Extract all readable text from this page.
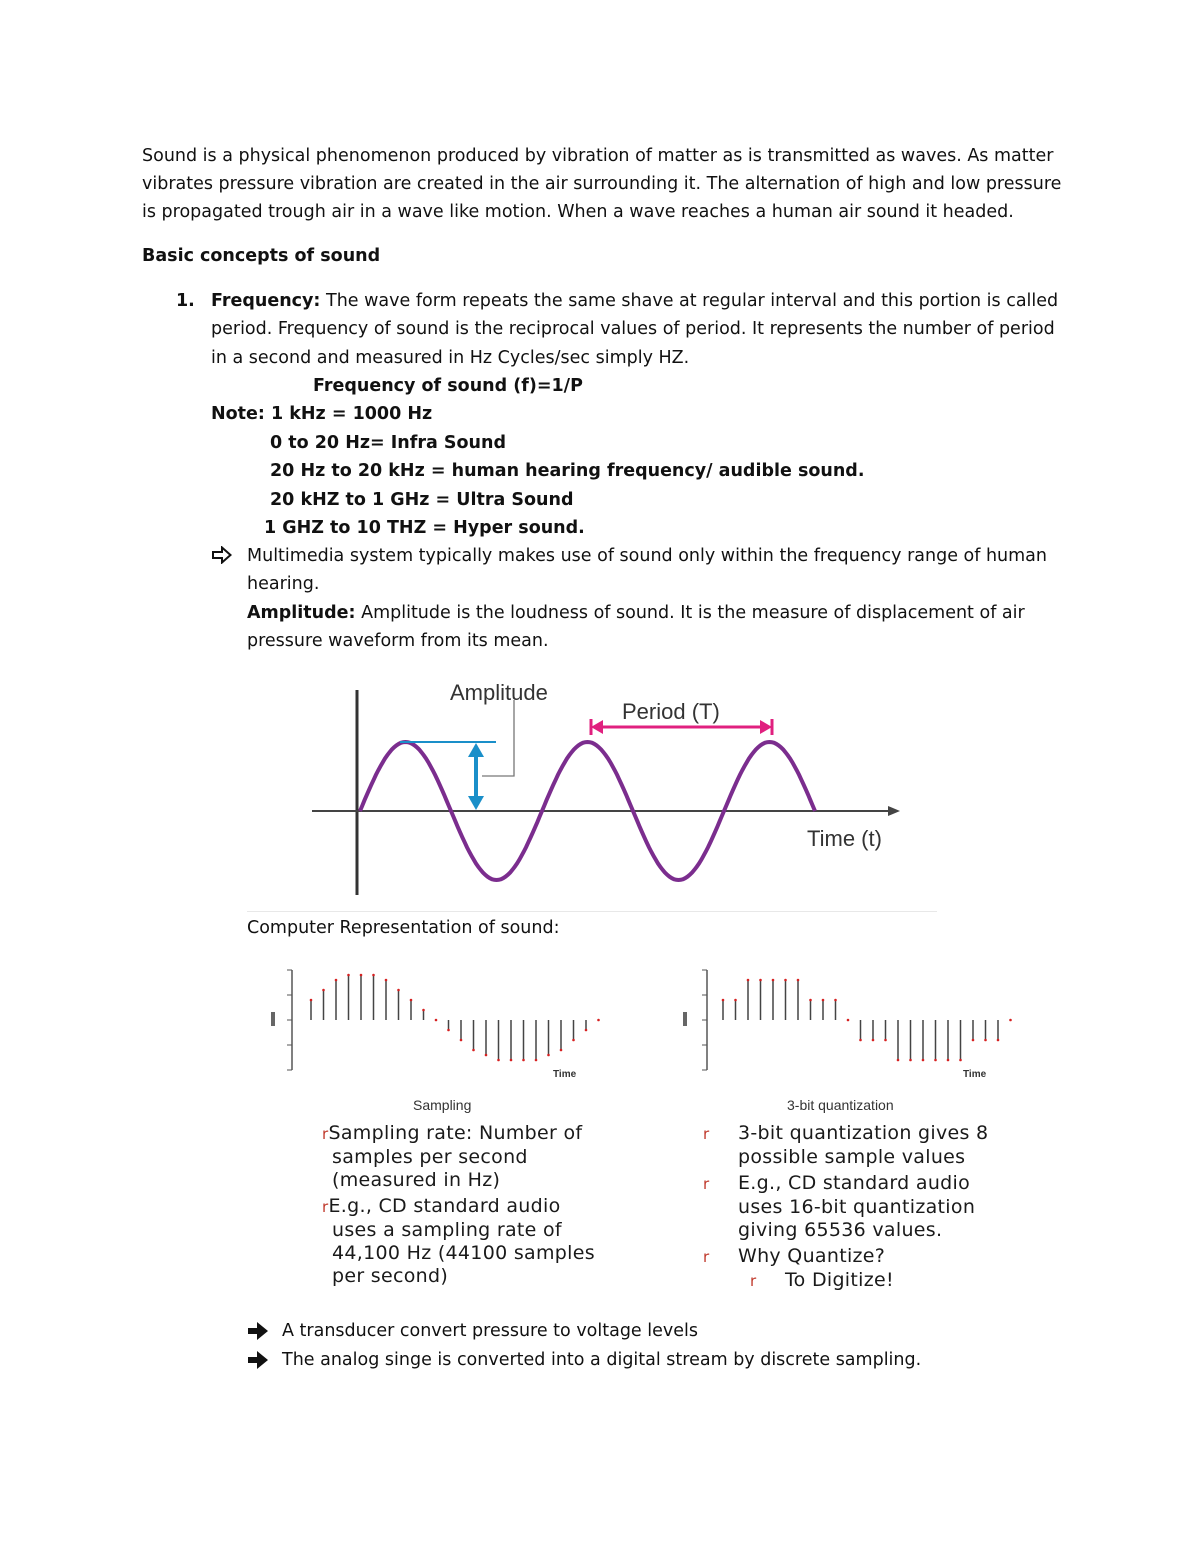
Sound is a physical phenomenon produced by vibration of matter as is transmitted as waves. As matter
vibrates pressure vibration are created in the air surrounding it. The alternation of high and low pressure
is propagated trough air in a wave like motion. When a wave reaches a human air sound it headed.
Basic concepts of sound
1. Frequency: The wave form repeats the same shave at regular interval and this portion is called
period. Frequency of sound is the reciprocal values of period. It represents the number of period
in a second and measured in Hz Cycles/sec simply HZ.
Frequency of sound (f)=1/P
Note: 1 kHz = 1000 Hz
0 to 20 Hz= Infra Sound
20 Hz to 20 kHz = human hearing frequency/ audible sound.
20 kHZ to 1 GHz = Ultra Sound
1 GHZ to 10 THZ = Hyper sound.
Multimedia system typically makes use of sound only within the frequency range of human
hearing.
Amplitude: Amplitude is the loudness of sound. It is the measure of displacement of air
pressure waveform from its mean.
Amplitude
Period (T)
Time (t)
Computer Representation of sound:
Time
Sampling
Time
3-bit quantization
rSampling rate: Number of
samples per second
(measured in Hz)
rE.g., CD standard audio
uses a sampling rate of
44,100 Hz (44100 samples
per second)
r 3-bit quantization gives 8
possible sample values
r E.g., CD standard audio
uses 16-bit quantization
giving 65536 values.
r Why Quantize?
r To Digitize!
A transducer convert pressure to voltage levels
The analog singe is converted into a digital stream by discrete sampling.
